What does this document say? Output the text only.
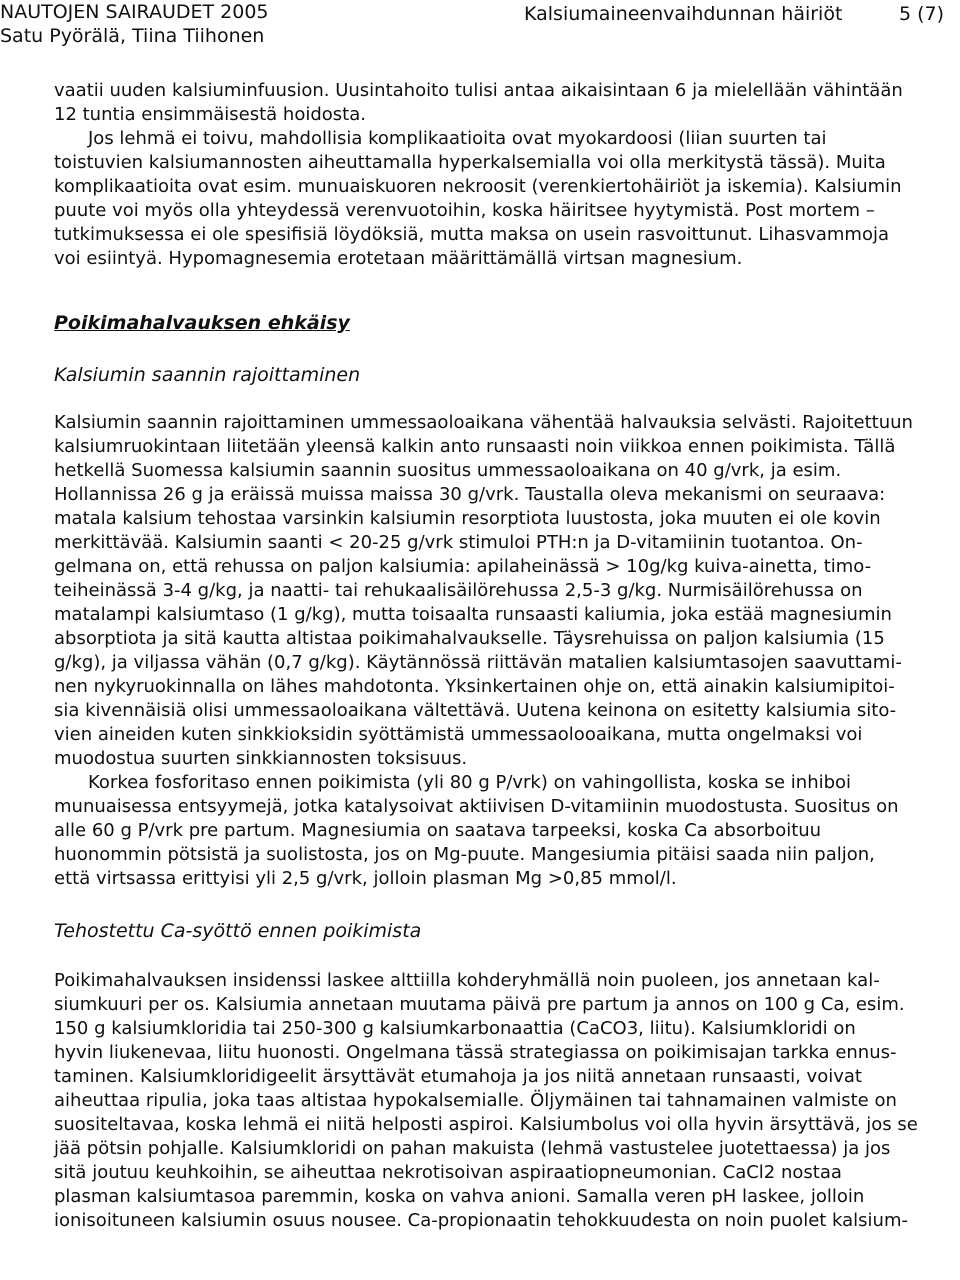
NAUTOJEN SAIRAUDET 2005
Satu Pyörälä, Tiina Tiihonen
Kalsiumaineenvaihdunnan häiriöt	5 (7)
vaatii uuden kalsiuminfuusion. Uusintahoito tulisi antaa aikaisintaan 6 ja mielellään vähintään
12 tuntia ensimmäisestä hoidosta.
Jos lehmä ei toivu, mahdollisia komplikaatioita ovat myokardoosi (liian suurten tai
toistuvien kalsiumannosten aiheuttamalla hyperkalsemialla voi olla merkitystä tässä). Muita
komplikaatioita ovat esim. munuaiskuoren nekroosit (verenkiertohäiriöt ja iskemia). Kalsiumin
puute voi myös olla yhteydessä verenvuotoihin, koska häiritsee hyytymistä. Post mortem –
tutkimuksessa ei ole spesifisiä löydöksiä, mutta maksa on usein rasvoittunut. Lihasvammoja
voi esiintyä. Hypomagnesemia erotetaan määrittämällä virtsan magnesium.
Poikimahalvauksen ehkäisy
Kalsiumin saannin rajoittaminen
Kalsiumin saannin rajoittaminen ummessaoloaikana vähentää halvauksia selvästi. Rajoitettuun
kalsiumruokintaan liitetään yleensä kalkin anto runsaasti noin viikkoa ennen poikimista. Tällä
hetkellä Suomessa kalsiumin saannin suositus ummessaoloaikana on 40 g/vrk, ja esim.
Hollannissa 26 g ja eräissä muissa maissa 30 g/vrk. Taustalla oleva mekanismi on seuraava:
matala kalsium tehostaa varsinkin kalsiumin resorptiota luustosta, joka muuten ei ole kovin
merkittävää. Kalsiumin saanti < 20-25 g/vrk stimuloi PTH:n ja D-vitamiinin tuotantoa. On-
gelmana on, että rehussa on paljon kalsiumia: apilaheinässä > 10g/kg kuiva-ainetta, timo-
teiheinässä 3-4 g/kg, ja naatti- tai rehukaalisäilörehussa 2,5-3 g/kg. Nurmisäilörehussa on
matalampi kalsiumtaso (1 g/kg), mutta toisaalta runsaasti kaliumia, joka estää magnesiumin
absorptiota ja sitä kautta altistaa poikimahalvaukselle. Täysrehuissa on paljon kalsiumia (15
g/kg), ja viljassa vähän (0,7 g/kg). Käytännössä riittävän matalien kalsiumtasojen saavuttami-
nen nykyruokinnalla on lähes mahdotonta. Yksinkertainen ohje on, että ainakin kalsiumipitoi-
sia kivennäisiä olisi ummessaoloaikana vältettävä. Uutena keinona on esitetty kalsiumia sito-
vien aineiden kuten sinkkioksidin syöttämistä ummessaolooaikana, mutta ongelmaksi voi
muodostua suurten sinkkiannosten toksisuus.
Korkea fosforitaso ennen poikimista (yli 80 g P/vrk) on vahingollista, koska se inhiboi
munuaisessa entsyymejä, jotka katalysoivat aktiivisen D-vitamiinin muodostusta. Suositus on
alle 60 g P/vrk pre partum. Magnesiumia on saatava tarpeeksi, koska Ca absorboituu
huonommin pötsistä ja suolistosta, jos on Mg-puute. Mangesiumia pitäisi saada niin paljon,
että virtsassa erittyisi yli 2,5 g/vrk, jolloin plasman Mg >0,85 mmol/l.
Tehostettu Ca-syöttö ennen poikimista
Poikimahalvauksen insidenssi laskee alttiilla kohderyhmällä noin puoleen, jos annetaan kal-
siumkuuri per os. Kalsiumia annetaan muutama päivä pre partum ja annos on 100 g Ca, esim.
150 g kalsiumkloridia tai 250-300 g kalsiumkarbonaattia (CaCO3, liitu). Kalsiumkloridi on
hyvin liukenevaa, liitu huonosti. Ongelmana tässä strategiassa on poikimisajan tarkka ennus-
taminen. Kalsiumkloridigeelit ärsyttävät etumahoja ja jos niitä annetaan runsaasti, voivat
aiheuttaa ripulia, joka taas altistaa hypokalsemialle. Öljymäinen tai tahnamainen valmiste on
suositeltavaa, koska lehmä ei niitä helposti aspiroi. Kalsiumbolus voi olla hyvin ärsyttävä, jos se
jää pötsin pohjalle. Kalsiumkloridi on pahan makuista (lehmä vastustelee juotettaessa) ja jos
sitä joutuu keuhkoihin, se aiheuttaa nekrotisoivan aspiraatiopneumonian. CaCl2 nostaa
plasman kalsiumtasoa paremmin, koska on vahva anioni. Samalla veren pH laskee, jolloin
ionisoituneen kalsiumin osuus nousee. Ca-propionaatin tehokkuudesta on noin puolet kalsium-
